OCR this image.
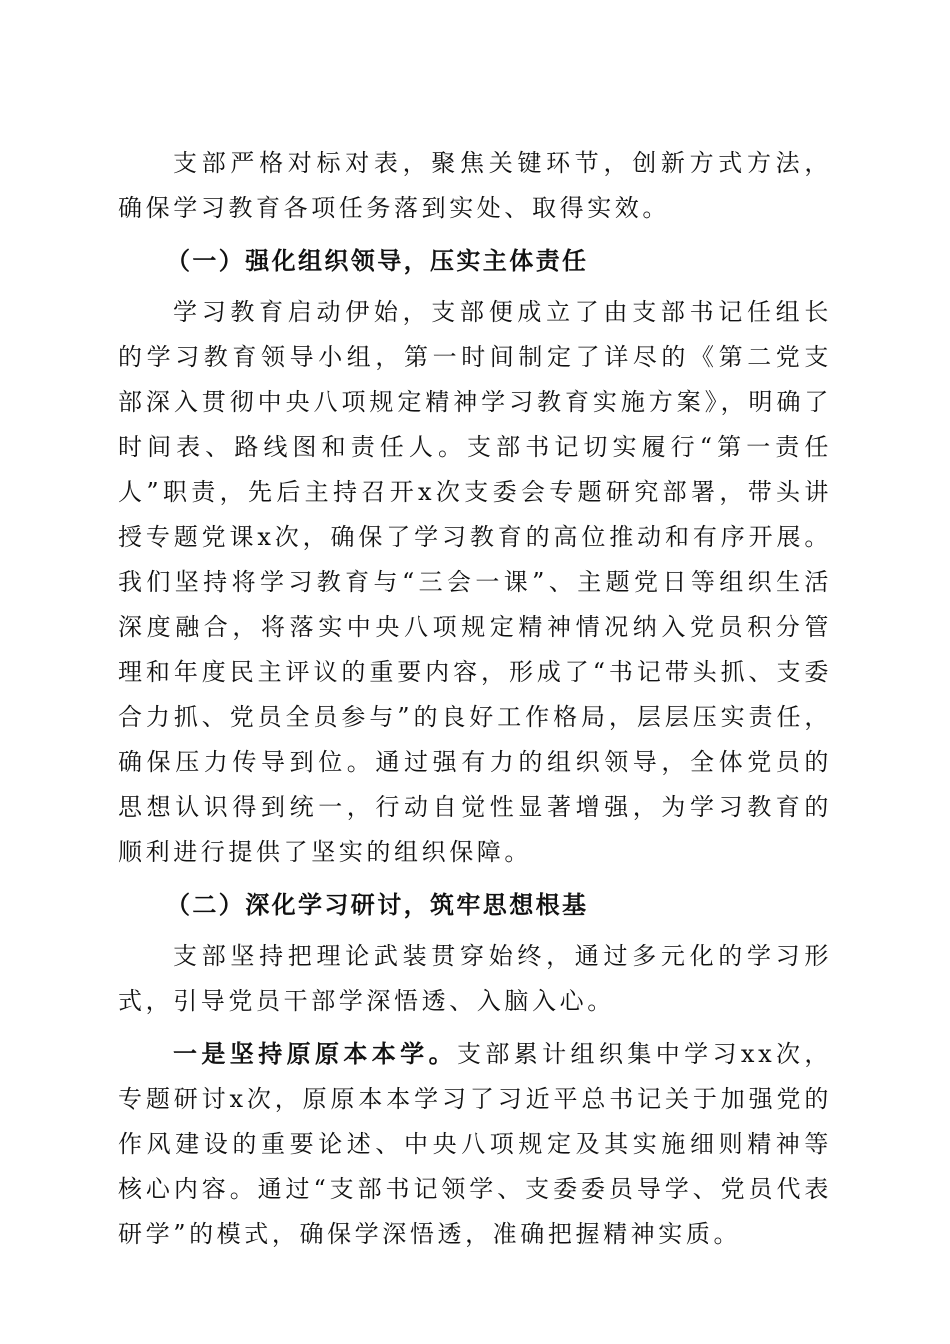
支部严格对标对表，聚焦关键环节，创新方式方法，确保学习教育各项任务落到实处、取得实效。

（一）强化组织领导，压实主体责任

学习教育启动伊始，支部便成立了由支部书记任组长的学习教育领导小组，第一时间制定了详尽的《第二党支部深入贯彻中央八项规定精神学习教育实施方案》，明确了时间表、路线图和责任人。支部书记切实履行“第一责任人”职责，先后主持召开x次支委会专题研究部署，带头讲授专题党课x次，确保了学习教育的高位推动和有序开展。我们坚持将学习教育与“三会一课”、主题党日等组织生活深度融合，将落实中央八项规定精神情况纳入党员积分管理和年度民主评议的重要内容，形成了“书记带头抓、支委合力抓、党员全员参与”的良好工作格局，层层压实责任，确保压力传导到位。通过强有力的组织领导，全体党员的思想认识得到统一，行动自觉性显著增强，为学习教育的顺利进行提供了坚实的组织保障。

（二）深化学习研讨，筑牢思想根基

支部坚持把理论武装贯穿始终，通过多元化的学习形式，引导党员干部学深悟透、入脑入心。

一是坚持原原本本学。支部累计组织集中学习xx次，专题研讨x次，原原本本学习了习近平总书记关于加强党的作风建设的重要论述、中央八项规定及其实施细则精神等核心内容。通过“支部书记领学、支委委员导学、党员代表研学”的模式，确保学深悟透，准确把握精神实质。
